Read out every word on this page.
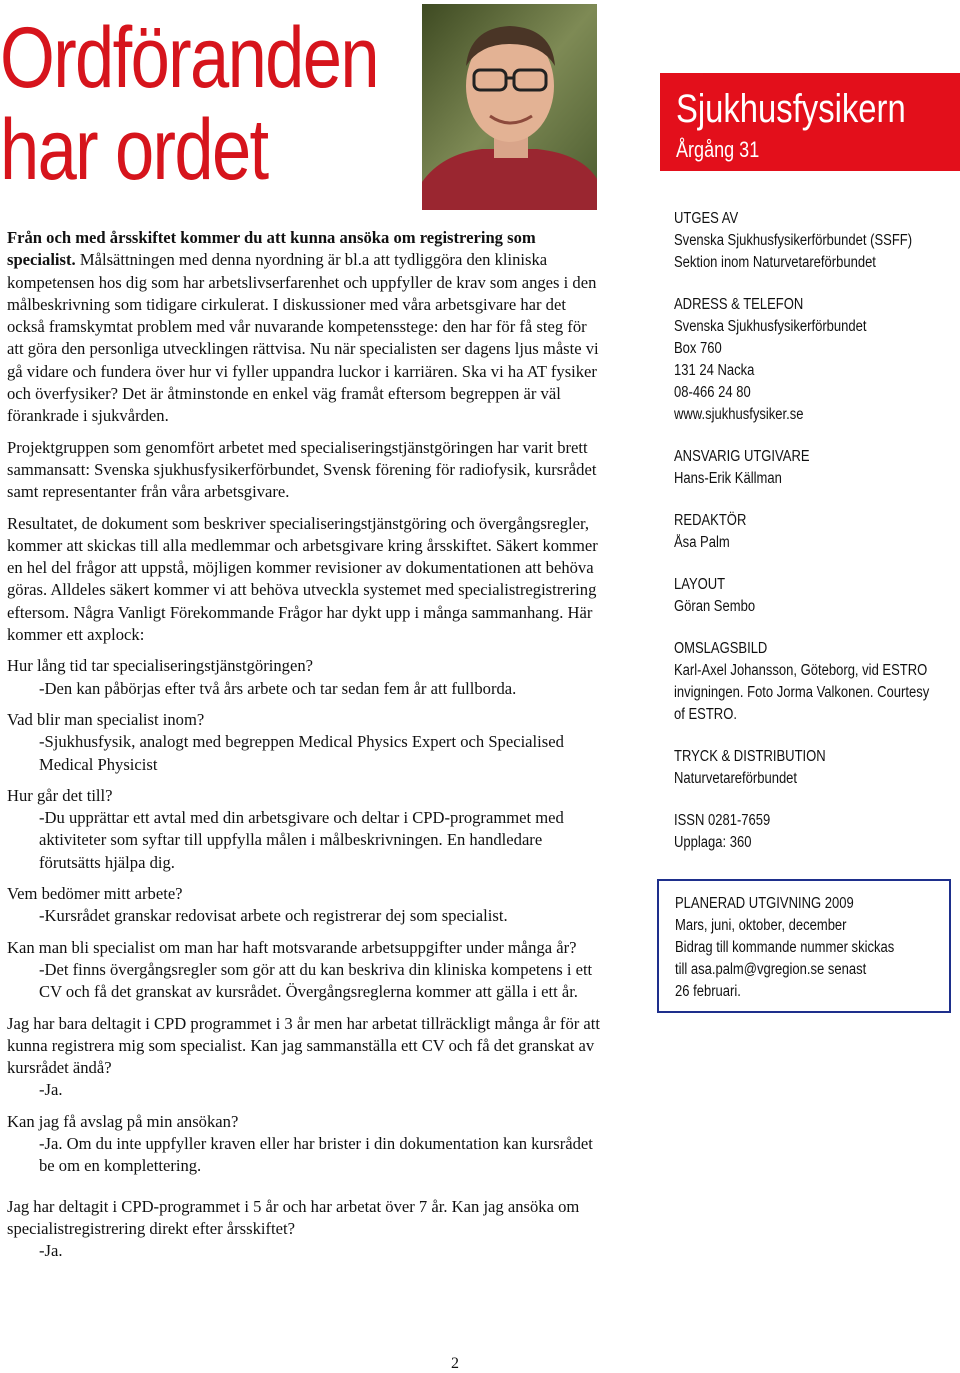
Ordföranden
har ordet	Sjukhusfysikern
Årgång 31

Från och med årsskiftet kommer du att kunna ansöka om registrering som specialist. Målsättningen med denna nyordning är bl.a att tydliggöra den kliniska kompetensen hos dig som har arbetslivserfarenhet och uppfyller de krav som anges i den målbeskrivning som tidigare cirkulerat. I diskussioner med våra arbetsgivare har det också framskymtat problem med vår nuvarande kompetensstege: den har för få steg för att göra den personliga utvecklingen rättvisa. Nu när specialisten ser dagens ljus måste vi gå vidare och fundera över hur vi fyller uppandra luckor i karriären. Ska vi ha AT fysiker och överfysiker? Det är åtminstonde en enkel väg framåt eftersom begreppen är väl förankrade i sjukvården.

Projektgruppen som genomfört arbetet med specialiseringstjänstgöringen har varit brett sammansatt: Svenska sjukhusfysikerförbundet, Svensk förening för radiofysik, kursrådet samt representanter från våra arbetsgivare.

Resultatet, de dokument som beskriver specialiseringstjänstgöring och övergångsregler, kommer att skickas till alla medlemmar och arbetsgivare kring årsskiftet. Säkert kommer en hel del frågor att uppstå, möjligen kommer revisioner av dokumentationen att behöva göras. Alldeles säkert kommer vi att behöva utveckla systemet med specialistregistrering eftersom. Några Vanligt Förekommande Frågor har dykt upp i många sammanhang. Här kommer ett axplock:

Hur lång tid tar specialiseringstjänstgöringen?
-Den kan påbörjas efter två års arbete och tar sedan fem år att fullborda.
Vad blir man specialist inom?
-Sjukhusfysik, analogt med begreppen Medical Physics Expert och Specialised Medical Physicist
Hur går det till?
-Du upprättar ett avtal med din arbetsgivare och deltar i CPD-programmet med aktiviteter som syftar till uppfylla målen i målbeskrivningen. En handledare förutsätts hjälpa dig.
Vem bedömer mitt arbete?
-Kursrådet granskar redovisat arbete och registrerar dej som specialist.
Kan man bli specialist om man har haft motsvarande arbetsuppgifter under många år?
-Det finns övergångsregler som gör att du kan beskriva din kliniska kompetens i ett CV och få det granskat av kursrådet. Övergångsreglerna kommer att gälla i ett år.
Jag har bara deltagit i CPD programmet i 3 år men har arbetat tillräckligt många år för att kunna registrera mig som specialist. Kan jag sammanställa ett CV och få det granskat av kursrådet ändå?
-Ja.
Kan jag få avslag på min ansökan?
-Ja. Om du inte uppfyller kraven eller har brister i din dokumentation kan kursrådet be om en komplettering.
Jag har deltagit i CPD-programmet i 5 år och har arbetat över 7 år. Kan jag ansöka om specialistregistrering direkt efter årsskiftet?
-Ja.
UTGES AV
Svenska Sjukhusfysikerförbundet (SSFF)
Sektion inom Naturvetareförbundet
ADRESS & TELEFON
Svenska Sjukhusfysikerförbundet
Box 760
131 24 Nacka
08-466 24 80
www.sjukhusfysiker.se
ANSVARIG UTGIVARE
Hans-Erik Källman
REDAKTÖR
Åsa Palm
LAYOUT
Göran Sembo
OMSLAGSBILD
Karl-Axel Johansson, Göteborg, vid ESTRO
invigningen. Foto Jorma Valkonen. Courtesy
of ESTRO.
TRYCK & DISTRIBUTION
Naturvetareförbundet
ISSN 0281-7659
Upplaga: 360
PLANERAD UTGIVNING 2009
Mars, juni, oktober, december
Bidrag till kommande nummer skickas
till asa.palm@vgregion.se senast
26 februari.
2
